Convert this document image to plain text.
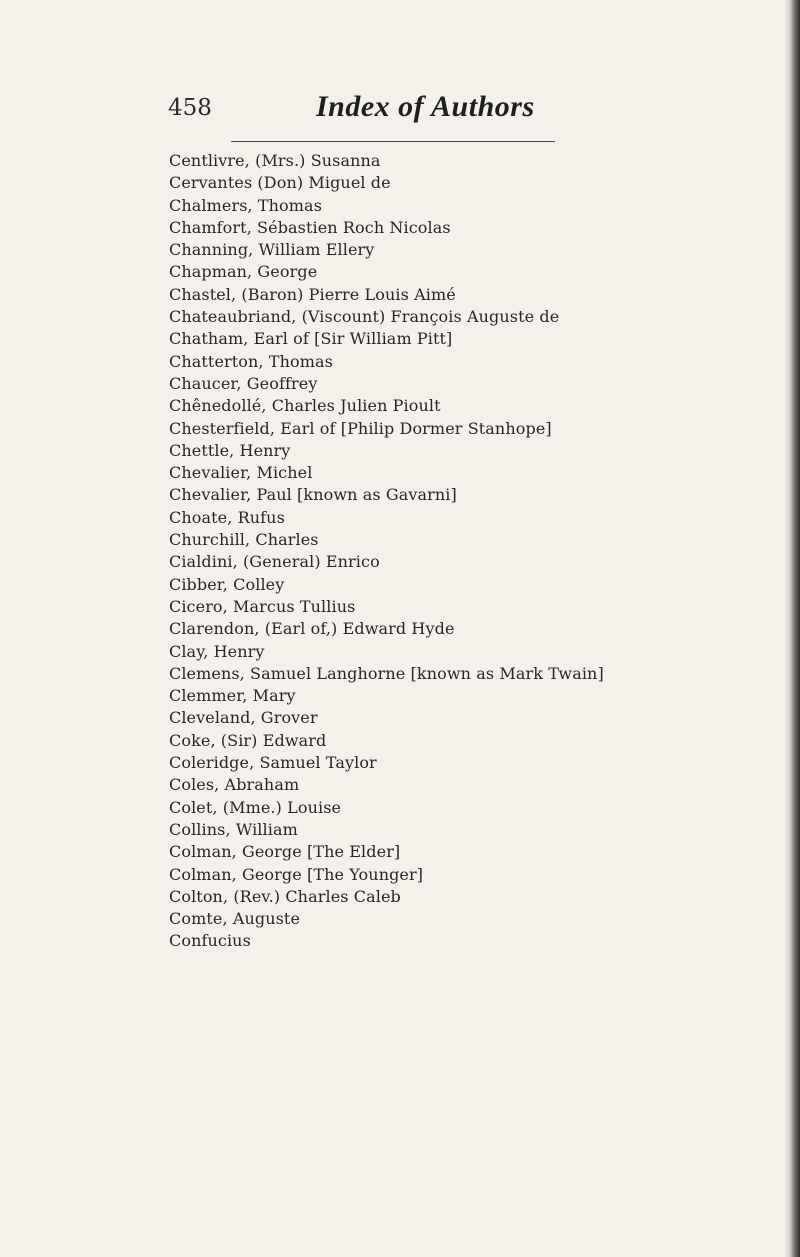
458	Index of Authors
Centlivre, (Mrs.) Susanna
Cervantes (Don) Miguel de
Chalmers, Thomas
Chamfort, Sébastien Roch Nicolas
Channing, William Ellery
Chapman, George
Chastel, (Baron) Pierre Louis Aimé
Chateaubriand, (Viscount) François Auguste de
Chatham, Earl of [Sir William Pitt]
Chatterton, Thomas
Chaucer, Geoffrey
Chênedollé, Charles Julien Pioult
Chesterfield, Earl of [Philip Dormer Stanhope]
Chettle, Henry
Chevalier, Michel
Chevalier, Paul [known as Gavarni]
Choate, Rufus
Churchill, Charles
Cialdini, (General) Enrico
Cibber, Colley
Cicero, Marcus Tullius
Clarendon, (Earl of,) Edward Hyde
Clay, Henry
Clemens, Samuel Langhorne [known as Mark Twain]
Clemmer, Mary
Cleveland, Grover
Coke, (Sir) Edward
Coleridge, Samuel Taylor
Coles, Abraham
Colet, (Mme.) Louise
Collins, William
Colman, George [The Elder]
Colman, George [The Younger]
Colton, (Rev.) Charles Caleb
Comte, Auguste
Confucius
